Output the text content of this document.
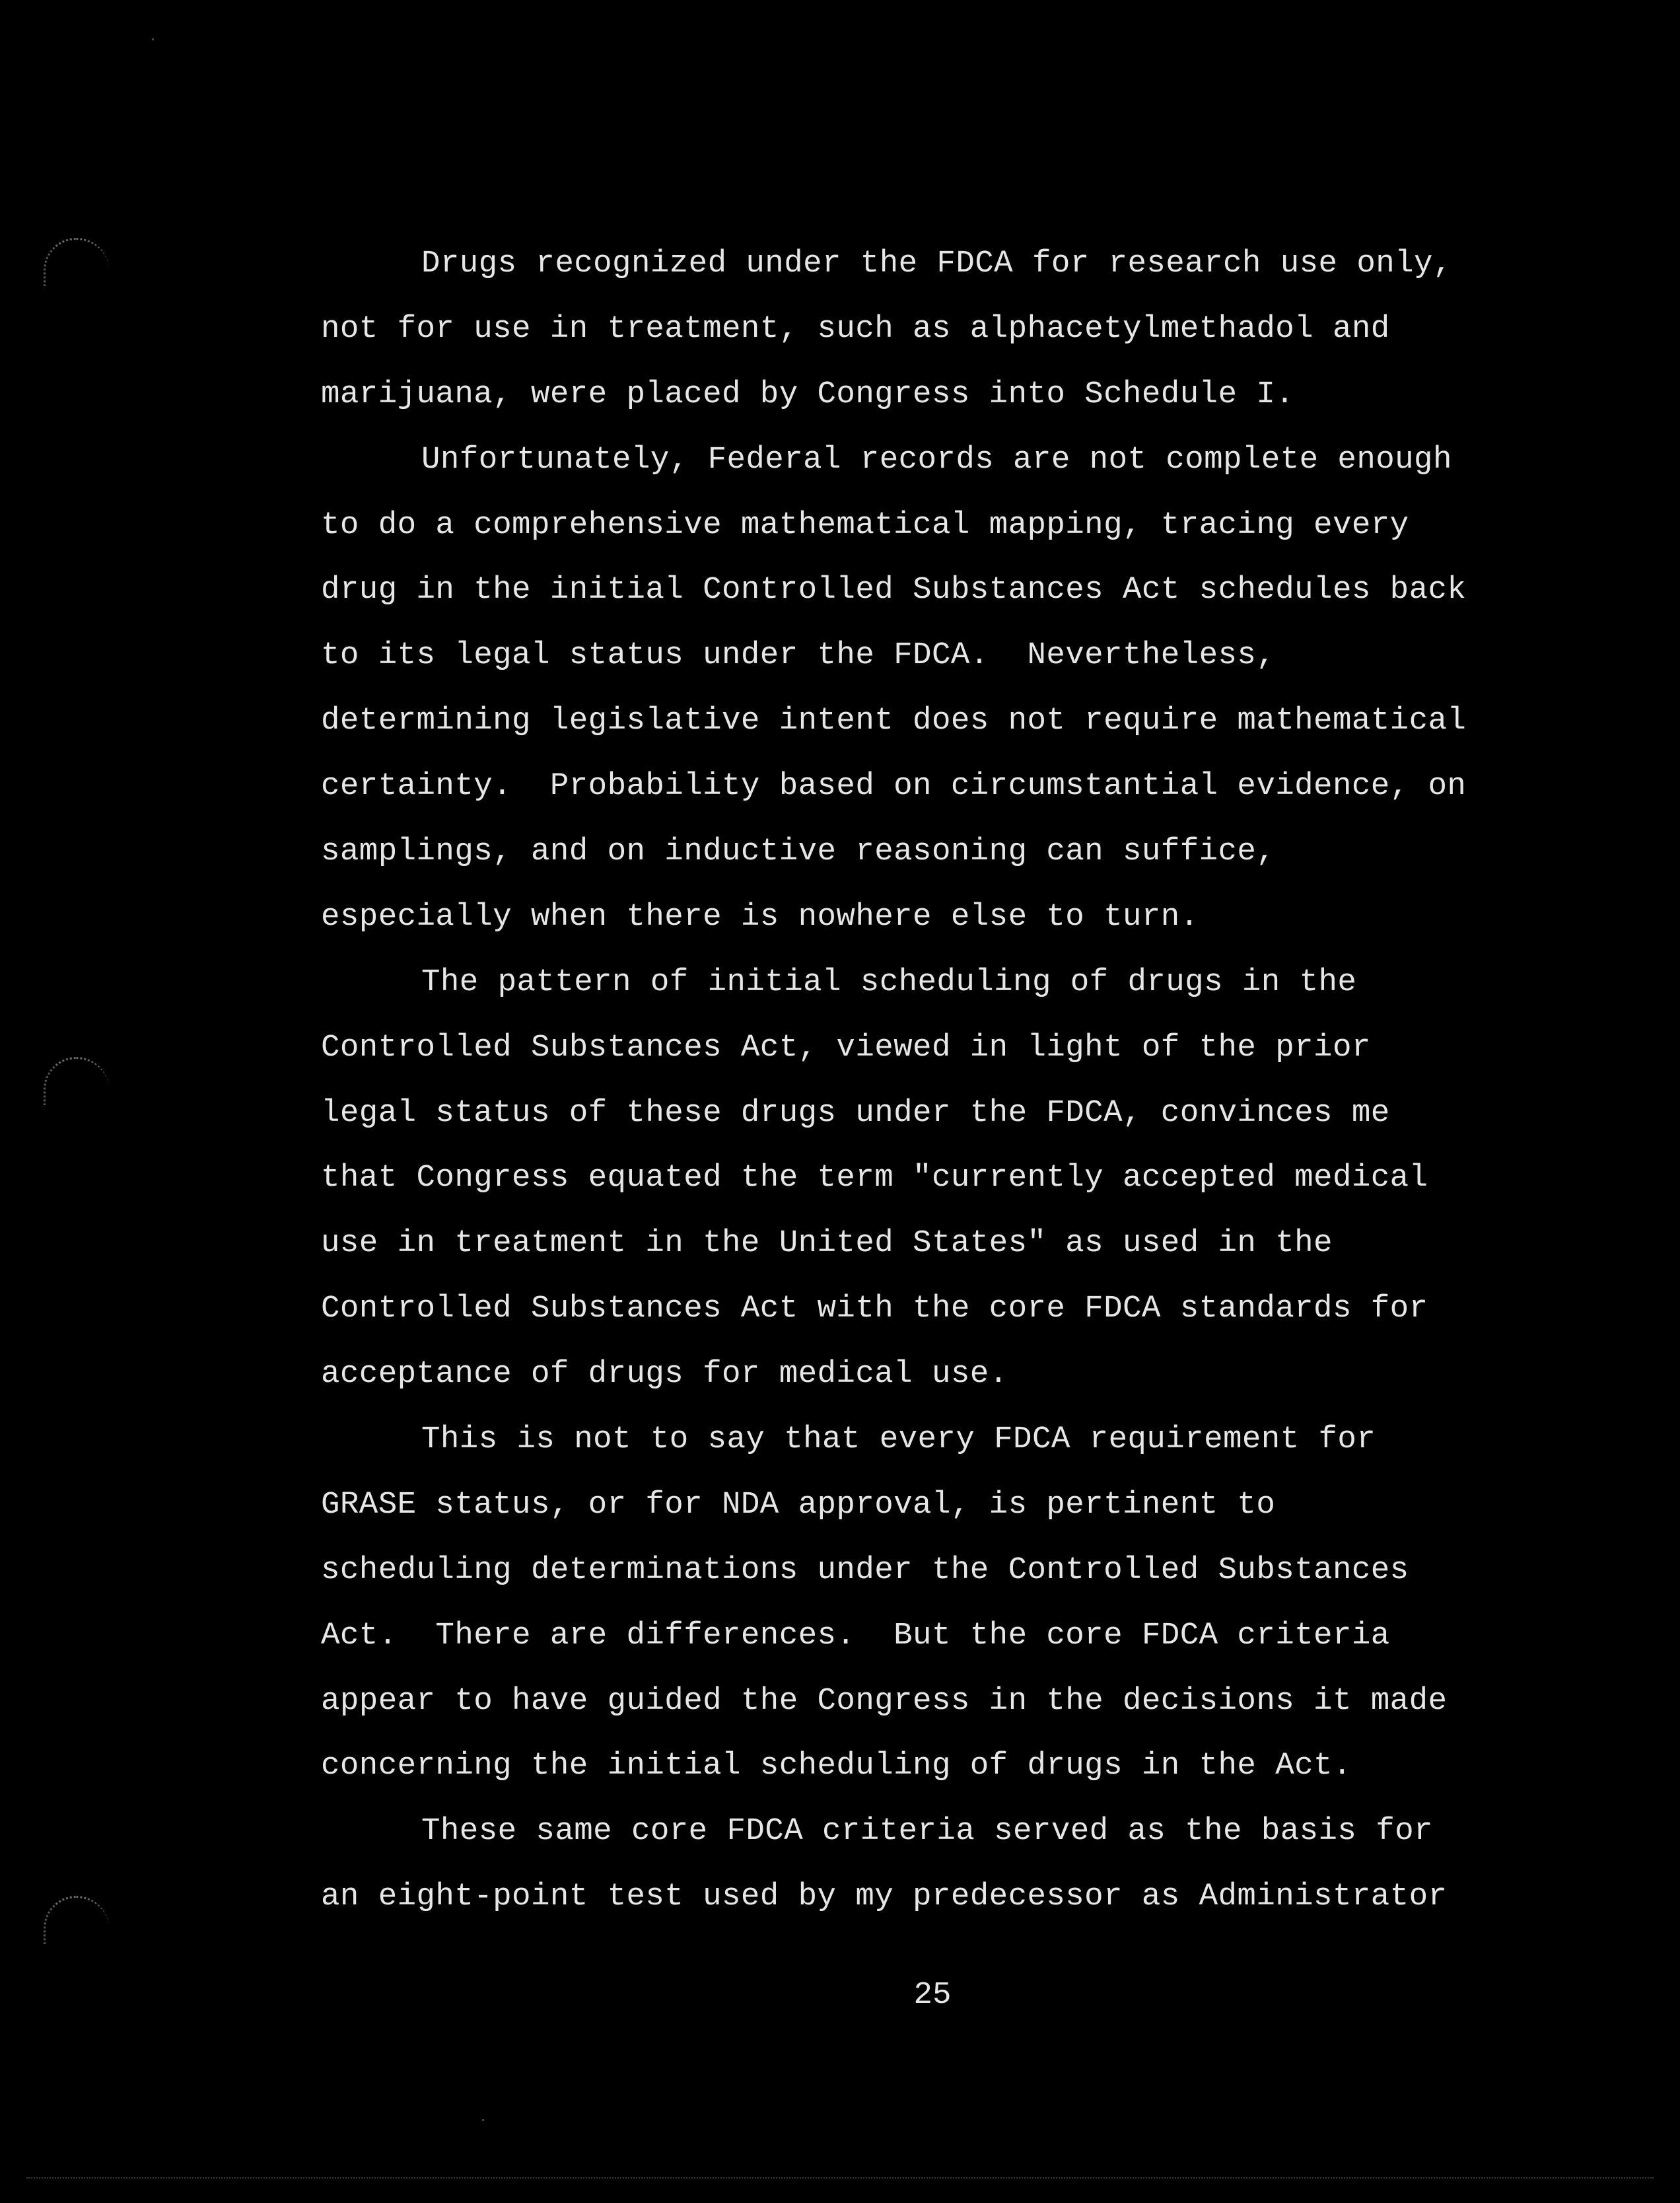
Drugs recognized under the FDCA for research use only,
not for use in treatment, such as alphacetylmethadol and
marijuana, were placed by Congress into Schedule I.
Unfortunately, Federal records are not complete enough
to do a comprehensive mathematical mapping, tracing every
drug in the initial Controlled Substances Act schedules back
to its legal status under the FDCA.  Nevertheless,
determining legislative intent does not require mathematical
certainty.  Probability based on circumstantial evidence, on
samplings, and on inductive reasoning can suffice,
especially when there is nowhere else to turn.
The pattern of initial scheduling of drugs in the
Controlled Substances Act, viewed in light of the prior
legal status of these drugs under the FDCA, convinces me
that Congress equated the term "currently accepted medical
use in treatment in the United States" as used in the
Controlled Substances Act with the core FDCA standards for
acceptance of drugs for medical use.
This is not to say that every FDCA requirement for
GRASE status, or for NDA approval, is pertinent to
scheduling determinations under the Controlled Substances
Act.  There are differences.  But the core FDCA criteria
appear to have guided the Congress in the decisions it made
concerning the initial scheduling of drugs in the Act.
These same core FDCA criteria served as the basis for
an eight-point test used by my predecessor as Administrator
25
